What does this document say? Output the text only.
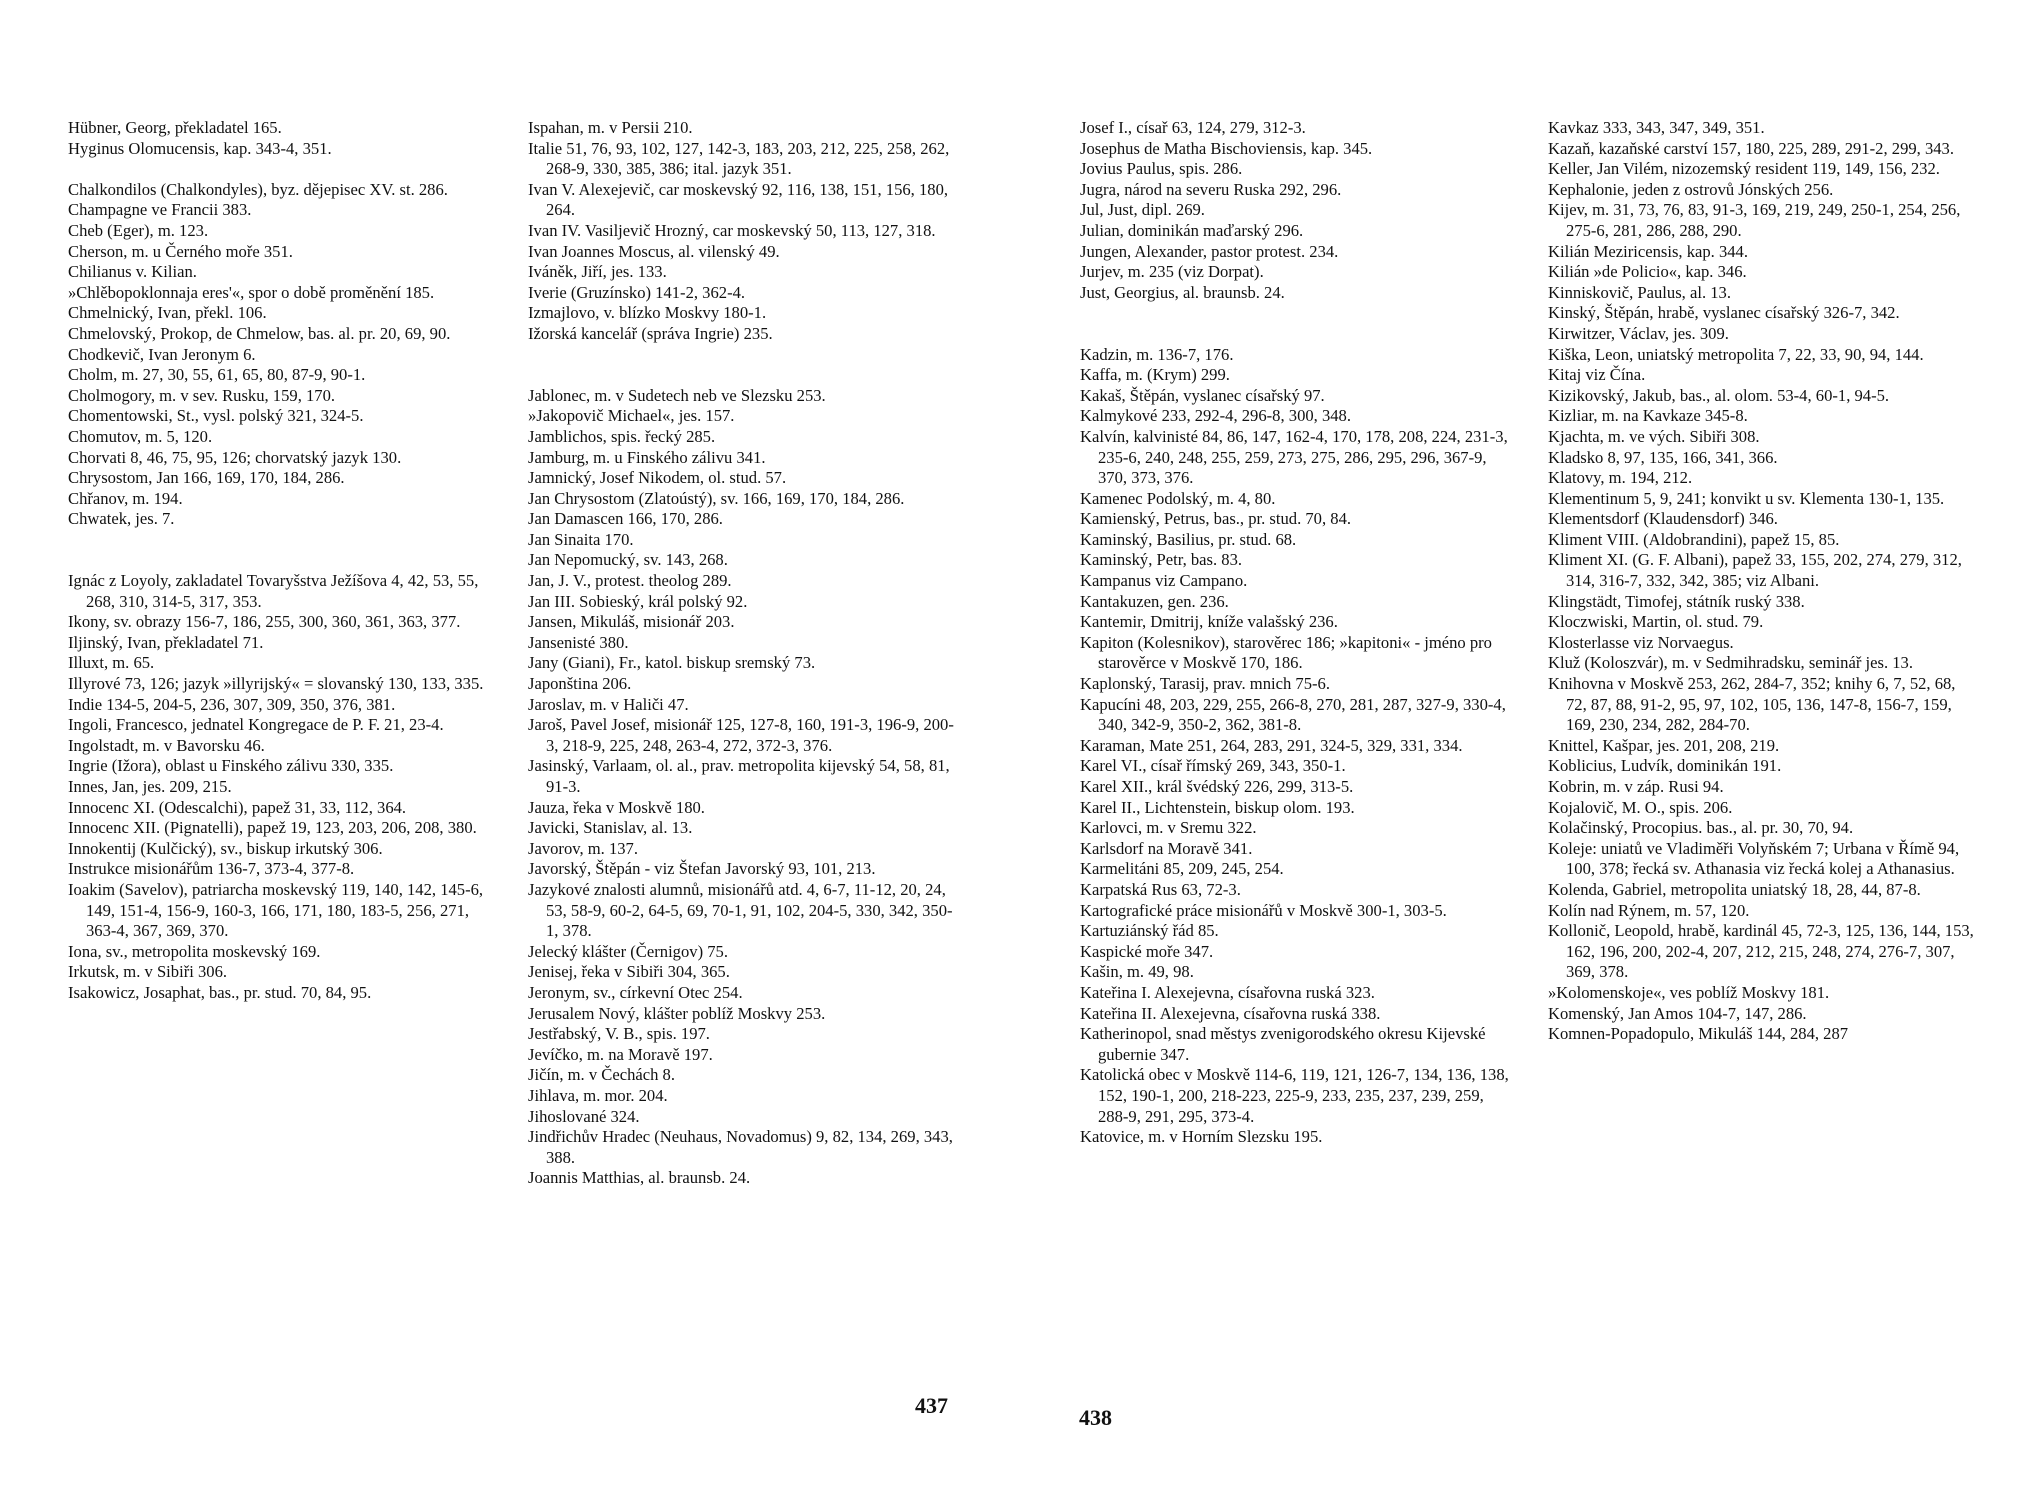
Hübner, Georg, překladatel 165.

Hyginus Olomucensis, kap. 343-4, 351.

Chalkondilos (Chalkondyles), byz. dějepisec XV. st. 286.

Champagne ve Francii 383.

Cheb (Eger), m. 123.

Cherson, m. u Černého moře 351.

Chilianus v. Kilian.

»Chlěbopoklonnaja eres'«, spor o době proměnění 185.

Chmelnický, Ivan, překl. 106.

Chmelovský, Prokop, de Chmelow, bas. al. pr. 20, 69, 90.

Chodkevič, Ivan Jeronym 6.

Cholm, m. 27, 30, 55, 61, 65, 80, 87-9, 90-1.

Cholmogory, m. v sev. Rusku, 159, 170.

Chomentowski, St., vysl. polský 321, 324-5.

Chomutov, m. 5, 120.

Chorvati 8, 46, 75, 95, 126; chorvatský jazyk 130.

Chrysostom, Jan 166, 169, 170, 184, 286.

Chřanov, m. 194.

Chwatek, jes. 7.

Ignác z Loyoly, zakladatel Tovaryšstva Ježíšova 4, 42, 53, 55, 268, 310, 314-5, 317, 353.

Ikony, sv. obrazy 156-7, 186, 255, 300, 360, 361, 363, 377.

Iljinský, Ivan, překladatel 71.

Illuxt, m. 65.

Illyrové 73, 126; jazyk »illyrijský« = slovanský 130, 133, 335.

Indie 134-5, 204-5, 236, 307, 309, 350, 376, 381.

Ingoli, Francesco, jednatel Kongregace de P. F. 21, 23-4.

Ingolstadt, m. v Bavorsku 46.

Ingrie (Ižora), oblast u Finského zálivu 330, 335.

Innes, Jan, jes. 209, 215.

Innocenc XI. (Odescalchi), papež 31, 33, 112, 364.

Innocenc XII. (Pignatelli), papež 19, 123, 203, 206, 208, 380.

Innokentij (Kulčický), sv., biskup irkutský 306.

Instrukce misionářům 136-7, 373-4, 377-8.

Ioakim (Savelov), patriarcha moskevský 119, 140, 142, 145-6, 149, 151-4, 156-9, 160-3, 166, 171, 180, 183-5, 256, 271, 363-4, 367, 369, 370.

Iona, sv., metropolita moskevský 169.

Irkutsk, m. v Sibiři 306.

Isakowicz, Josaphat, bas., pr. stud. 70, 84, 95.

Ispahan, m. v Persii 210.

Italie 51, 76, 93, 102, 127, 142-3, 183, 203, 212, 225, 258, 262, 268-9, 330, 385, 386; ital. jazyk 351.

Ivan V. Alexejevič, car moskevský 92, 116, 138, 151, 156, 180, 264.

Ivan IV. Vasiljevič Hrozný, car moskevský 50, 113, 127, 318.

Ivan Joannes Moscus, al. vilenský 49.

Iváněk, Jiří, jes. 133.

Iverie (Gruzínsko) 141-2, 362-4.

Izmajlovo, v. blízko Moskvy 180-1.

Ižorská kancelář (správa Ingrie) 235.

Jablonec, m. v Sudetech neb ve Slezsku 253.

»Jakopovič Michael«, jes. 157.

Jamblichos, spis. řecký 285.

Jamburg, m. u Finského zálivu 341.

Jamnický, Josef Nikodem, ol. stud. 57.

Jan Chrysostom (Zlatoústý), sv. 166, 169, 170, 184, 286.

Jan Damascen 166, 170, 286.

Jan Sinaita 170.

Jan Nepomucký, sv. 143, 268.

Jan, J. V., protest. theolog 289.

Jan III. Sobieský, král polský 92.

Jansen, Mikuláš, misionář 203.

Jansenisté 380.

Jany (Giani), Fr., katol. biskup sremský 73.

Japonština 206.

Jaroslav, m. v Haliči 47.

Jaroš, Pavel Josef, misionář 125, 127-8, 160, 191-3, 196-9, 200-3, 218-9, 225, 248, 263-4, 272, 372-3, 376.

Jasinský, Varlaam, ol. al., prav. metropolita kijevský 54, 58, 81, 91-3.

Jauza, řeka v Moskvě 180.

Javicki, Stanislav, al. 13.

Javorov, m. 137.

Javorský, Štěpán - viz Štefan Javorský 93, 101, 213.

Jazykové znalosti alumnů, misionářů atd. 4, 6-7, 11-12, 20, 24, 53, 58-9, 60-2, 64-5, 69, 70-1, 91, 102, 204-5, 330, 342, 350-1, 378.

Jelecký klášter (Černigov) 75.

Jenisej, řeka v Sibiři 304, 365.

Jeronym, sv., církevní Otec 254.

Jerusalem Nový, klášter poblíž Moskvy 253.

Jestřabský, V. B., spis. 197.

Jevíčko, m. na Moravě 197.

Jičín, m. v Čechách 8.

Jihlava, m. mor. 204.

Jihoslované 324.

Jindřichův Hradec (Neuhaus, Novadomus) 9, 82, 134, 269, 343, 388.

Joannis Matthias, al. braunsb. 24.

Josef I., císař 63, 124, 279, 312-3.

Josephus de Matha Bischoviensis, kap. 345.

Jovius Paulus, spis. 286.

Jugra, národ na severu Ruska 292, 296.

Jul, Just, dipl. 269.

Julian, dominikán maďarský 296.

Jungen, Alexander, pastor protest. 234.

Jurjev, m. 235 (viz Dorpat).

Just, Georgius, al. braunsb. 24.

Kadzin, m. 136-7, 176.

Kaffa, m. (Krym) 299.

Kakaš, Štěpán, vyslanec císařský 97.

Kalmykové 233, 292-4, 296-8, 300, 348.

Kalvín, kalvinisté 84, 86, 147, 162-4, 170, 178, 208, 224, 231-3, 235-6, 240, 248, 255, 259, 273, 275, 286, 295, 296, 367-9, 370, 373, 376.

Kamenec Podolský, m. 4, 80.

Kamienský, Petrus, bas., pr. stud. 70, 84.

Kaminský, Basilius, pr. stud. 68.

Kaminský, Petr, bas. 83.

Kampanus viz Campano.

Kantakuzen, gen. 236.

Kantemir, Dmitrij, kníže valašský 236.

Kapiton (Kolesnikov), starověrec 186; »kapitoni« - jméno pro starověrce v Moskvě 170, 186.

Kaplonský, Tarasij, prav. mnich 75-6.

Kapucíni 48, 203, 229, 255, 266-8, 270, 281, 287, 327-9, 330-4, 340, 342-9, 350-2, 362, 381-8.

Karaman, Mate 251, 264, 283, 291, 324-5, 329, 331, 334.

Karel VI., císař římský 269, 343, 350-1.

Karel XII., král švédský 226, 299, 313-5.

Karel II., Lichtenstein, biskup olom. 193.

Karlovci, m. v Sremu 322.

Karlsdorf na Moravě 341.

Karmelitáni 85, 209, 245, 254.

Karpatská Rus 63, 72-3.

Kartografické práce misionářů v Moskvě 300-1, 303-5.

Kartuziánský řád 85.

Kaspické moře 347.

Kašin, m. 49, 98.

Kateřina I. Alexejevna, císařovna ruská 323.

Kateřina II. Alexejevna, císařovna ruská 338.

Katherinopol, snad městys zvenigorodského okresu Kijevské gubernie 347.

Katolická obec v Moskvě 114-6, 119, 121, 126-7, 134, 136, 138, 152, 190-1, 200, 218-223, 225-9, 233, 235, 237, 239, 259, 288-9, 291, 295, 373-4.

Katovice, m. v Horním Slezsku 195.

Kavkaz 333, 343, 347, 349, 351.

Kazaň, kazaňské carství 157, 180, 225, 289, 291-2, 299, 343.

Keller, Jan Vilém, nizozemský resident 119, 149, 156, 232.

Kephalonie, jeden z ostrovů Jónských 256.

Kijev, m. 31, 73, 76, 83, 91-3, 169, 219, 249, 250-1, 254, 256, 275-6, 281, 286, 288, 290.

Kilián Meziricensis, kap. 344.

Kilián »de Policio«, kap. 346.

Kinniskovič, Paulus, al. 13.

Kinský, Štěpán, hrabě, vyslanec císařský 326-7, 342.

Kirwitzer, Václav, jes. 309.

Kiška, Leon, uniatský metropolita 7, 22, 33, 90, 94, 144.

Kitaj viz Čína.

Kizikovský, Jakub, bas., al. olom. 53-4, 60-1, 94-5.

Kizliar, m. na Kavkaze 345-8.

Kjachta, m. ve vých. Sibiři 308.

Kladsko 8, 97, 135, 166, 341, 366.

Klatovy, m. 194, 212.

Klementinum 5, 9, 241; konvikt u sv. Klementa 130-1, 135.

Klementsdorf (Klaudensdorf) 346.

Kliment VIII. (Aldobrandini), papež 15, 85.

Kliment XI. (G. F. Albani), papež 33, 155, 202, 274, 279, 312, 314, 316-7, 332, 342, 385; viz Albani.

Klingstädt, Timofej, státník ruský 338.

Kloczwiski, Martin, ol. stud. 79.

Klosterlasse viz Norvaegus.

Kluž (Koloszvár), m. v Sedmihradsku, seminář jes. 13.

Knihovna v Moskvě 253, 262, 284-7, 352; knihy 6, 7, 52, 68, 72, 87, 88, 91-2, 95, 97, 102, 105, 136, 147-8, 156-7, 159, 169, 230, 234, 282, 284-70.

Knittel, Kašpar, jes. 201, 208, 219.

Koblicius, Ludvík, dominikán 191.

Kobrin, m. v záp. Rusi 94.

Kojalovič, M. O., spis. 206.

Kolačinský, Procopius. bas., al. pr. 30, 70, 94.

Koleje: uniatů ve Vladiměři Volyňském 7; Urbana v Římě 94, 100, 378; řecká sv. Athanasia viz řecká kolej a Athanasius.

Kolenda, Gabriel, metropolita uniatský 18, 28, 44, 87-8.

Kolín nad Rýnem, m. 57, 120.

Kollonič, Leopold, hrabě, kardinál 45, 72-3, 125, 136, 144, 153, 162, 196, 200, 202-4, 207, 212, 215, 248, 274, 276-7, 307, 369, 378.

»Kolomenskoje«, ves poblíž Moskvy 181.

Komenský, Jan Amos 104-7, 147, 286.

Komnen-Popadopulo, Mikuláš 144, 284, 287

437	438
